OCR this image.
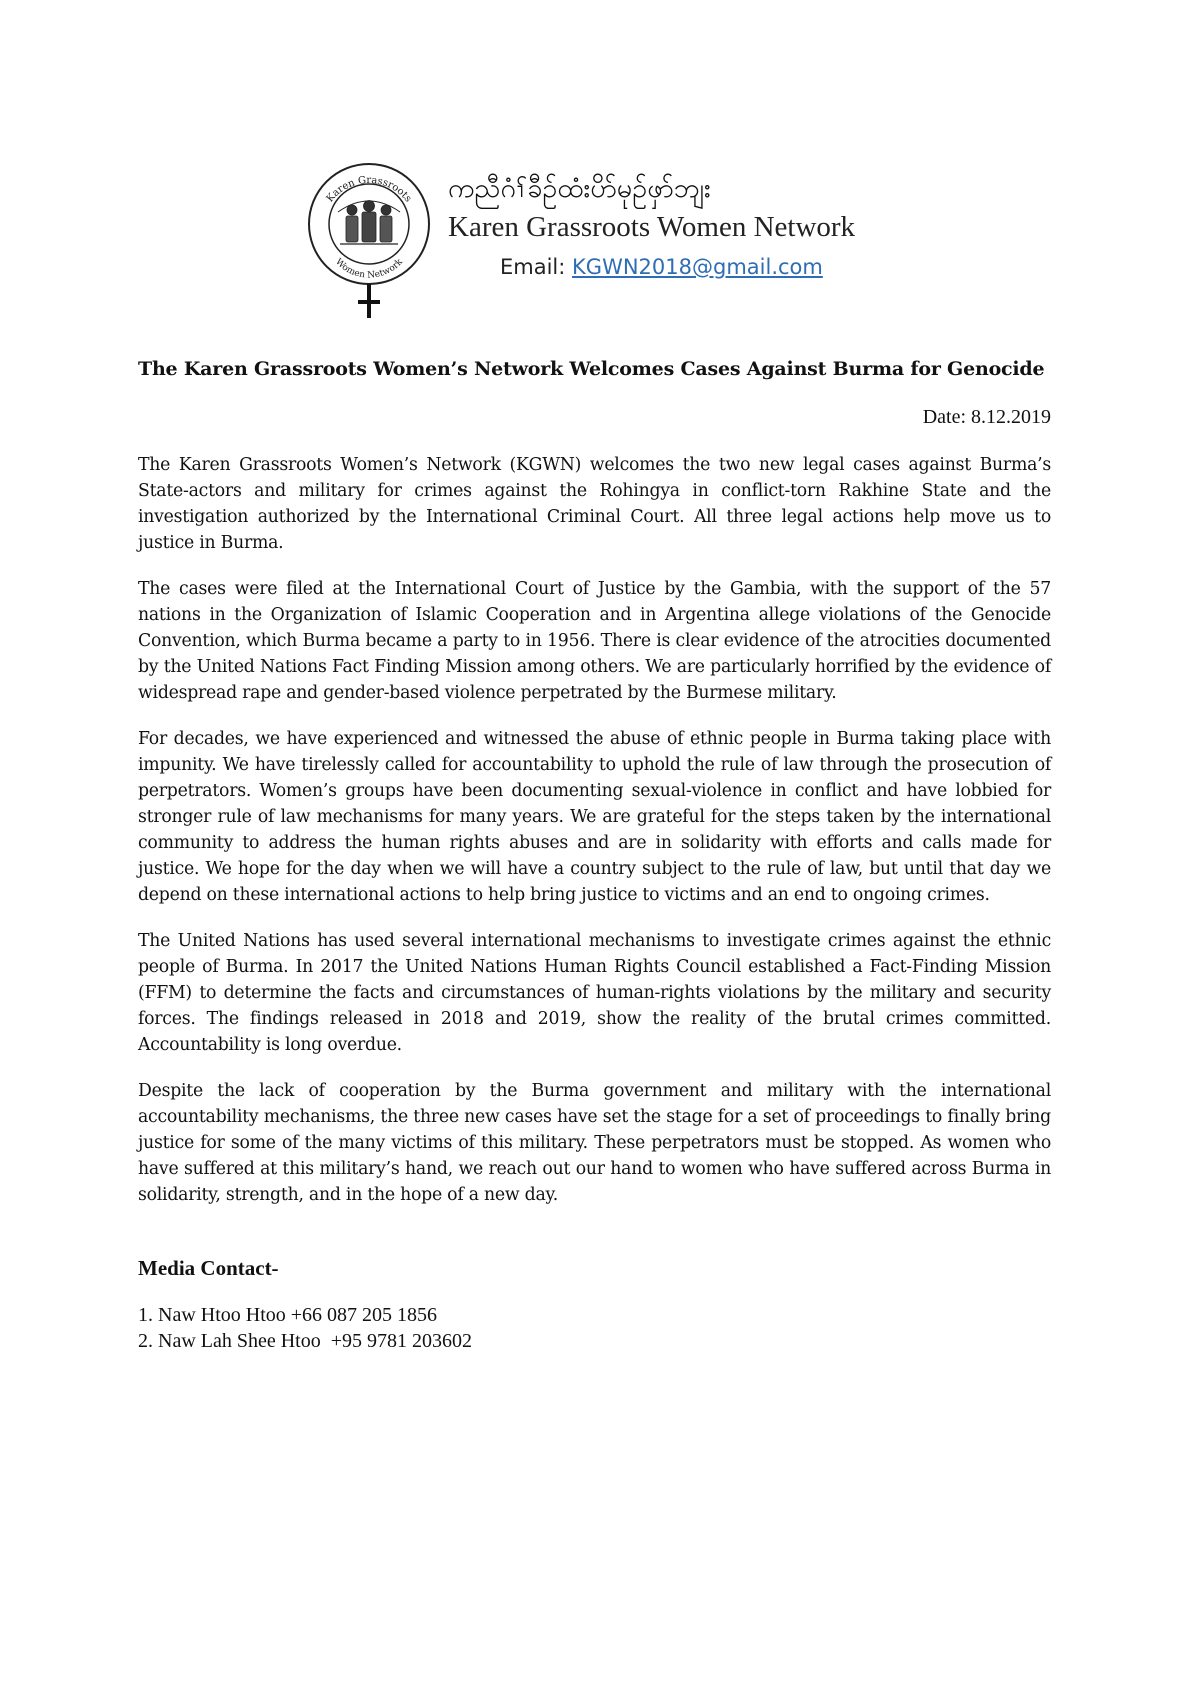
Karen Grassroots
Women Network

ကညီဂံၢ်ခီဉ်ထံးပိာ်မုဉ်ဖှာ်ဘျး

Karen Grassroots Women Network

Email: KGWN2018@gmail.com

The Karen Grassroots Women’s Network Welcomes Cases Against Burma for Genocide

Date: 8.12.2019

The Karen Grassroots Women’s Network (KGWN) welcomes the two new legal cases against Burma’s State-actors and military for crimes against the Rohingya in conflict-torn Rakhine State and the investigation authorized by the International Criminal Court. All three legal actions help move us to justice in Burma.

The cases were filed at the International Court of Justice by the Gambia, with the support of the 57 nations in the Organization of Islamic Cooperation and in Argentina allege violations of the Genocide Convention, which Burma became a party to in 1956. There is clear evidence of the atrocities documented by the United Nations Fact Finding Mission among others. We are particularly horrified by the evidence of widespread rape and gender-based violence perpetrated by the Burmese military.

For decades, we have experienced and witnessed the abuse of ethnic people in Burma taking place with impunity. We have tirelessly called for accountability to uphold the rule of law through the prosecution of perpetrators. Women’s groups have been documenting sexual-violence in conflict and have lobbied for stronger rule of law mechanisms for many years. We are grateful for the steps taken by the international community to address the human rights abuses and are in solidarity with efforts and calls made for justice. We hope for the day when we will have a country subject to the rule of law, but until that day we depend on these international actions to help bring justice to victims and an end to ongoing crimes.

The United Nations has used several international mechanisms to investigate crimes against the ethnic people of Burma. In 2017 the United Nations Human Rights Council established a Fact-Finding Mission (FFM) to determine the facts and circumstances of human-rights violations by the military and security forces. The findings released in 2018 and 2019, show the reality of the brutal crimes committed. Accountability is long overdue.

Despite the lack of cooperation by the Burma government and military with the international accountability mechanisms, the three new cases have set the stage for a set of proceedings to finally bring justice for some of the many victims of this military. These perpetrators must be stopped. As women who have suffered at this military’s hand, we reach out our hand to women who have suffered across Burma in solidarity, strength, and in the hope of a new day.

Media Contact-
1. Naw Htoo Htoo +66 087 205 1856
2. Naw Lah Shee Htoo  +95 9781 203602
